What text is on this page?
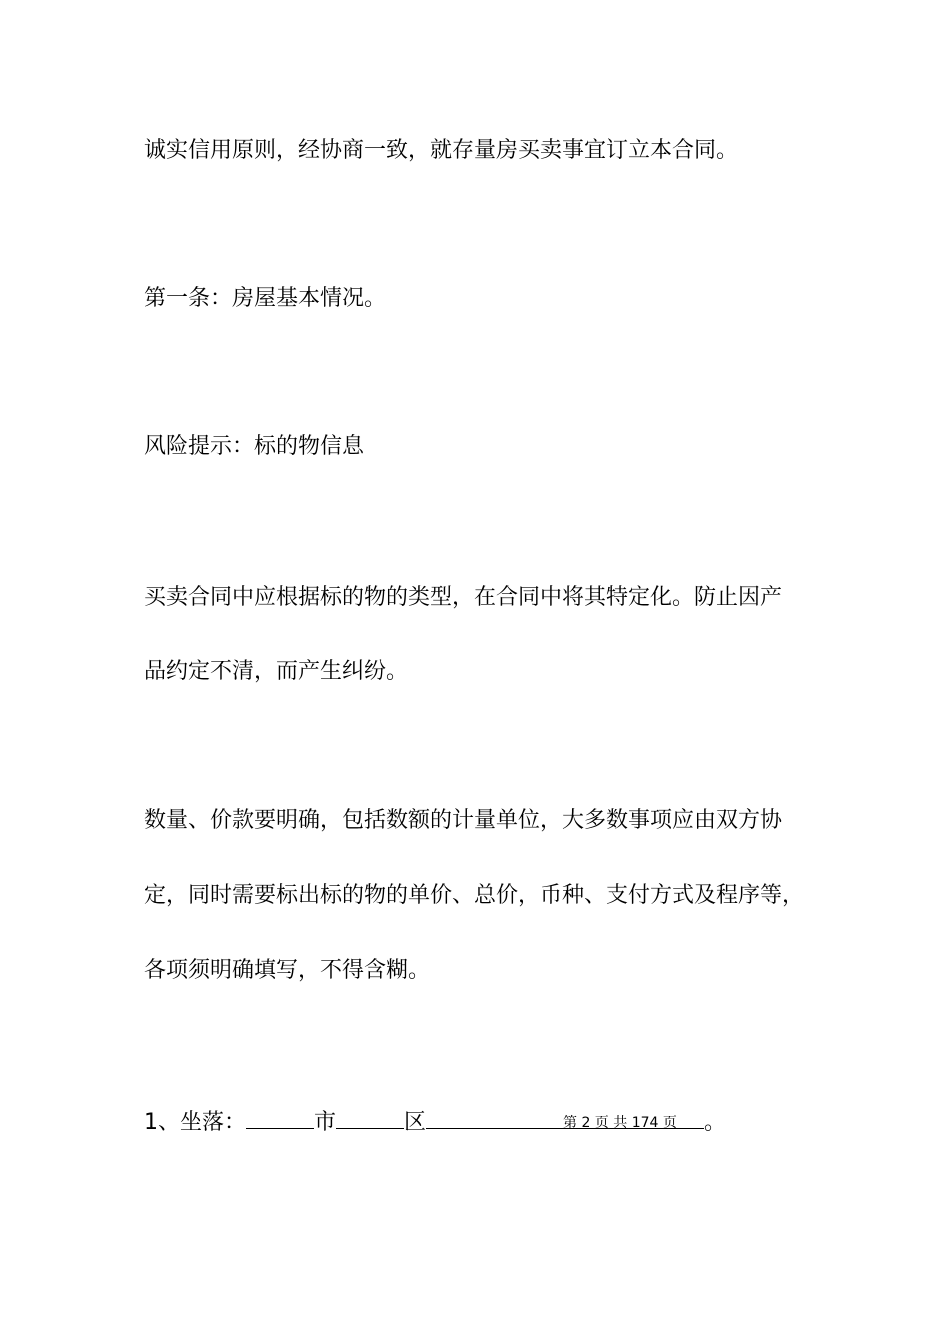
诚实信用原则，经协商一致，就存量房买卖事宜订立本合同。
第一条：房屋基本情况。
风险提示：标的物信息
买卖合同中应根据标的物的类型，在合同中将其特定化。防止因产
品约定不清，而产生纠纷。
数量、价款要明确，包括数额的计量单位，大多数事项应由双方协
定，同时需要标出标的物的单价、总价，币种、支付方式及程序等，
各项须明确填写，不得含糊。
1、坐落：	市	区	。
第 2 页 共 174 页
